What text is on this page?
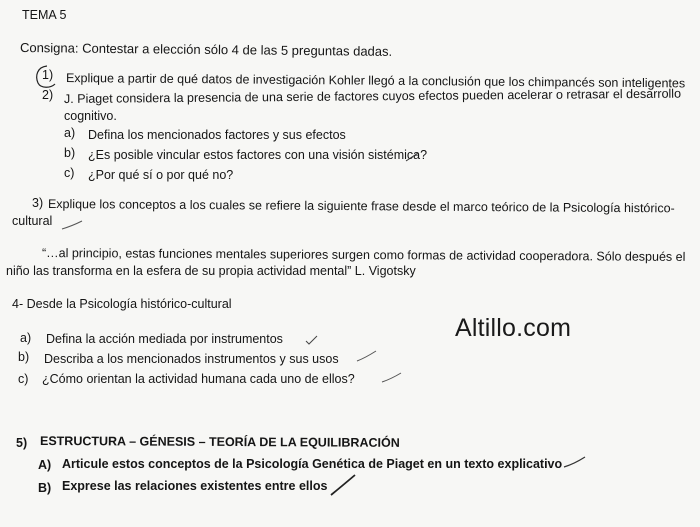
TEMA 5
Consigna: Contestar a elección sólo 4 de las 5 preguntas dadas.
1) Explique a partir de qué datos de investigación Kohler llegó a la conclusión que los chimpancés son inteligentes
2) J. Piaget considera la presencia de una serie de factores cuyos efectos pueden acelerar o retrasar el desarrollo
cognitivo.
a) Defina los mencionados factores y sus efectos
b) ¿Es posible vincular estos factores con una visión sistémica?
c) ¿Por qué sí o por qué no?
3) Explique los conceptos a los cuales se refiere la siguiente frase desde el marco teórico de la Psicología histórico-
cultural
“…al principio, estas funciones mentales superiores surgen como formas de actividad cooperadora. Sólo después el
niño las transforma en la esfera de su propia actividad mental” L. Vigotsky
4- Desde la Psicología histórico-cultural
a) Defina la acción mediada por instrumentos
b) Describa a los mencionados instrumentos y sus usos
c) ¿Cómo orientan la actividad humana cada uno de ellos?
Altillo.com
5) ESTRUCTURA – GÉNESIS – TEORÍA DE LA EQUILIBRACIÓN
A) Articule estos conceptos de la Psicología Genética de Piaget en un texto explicativo
B) Exprese las relaciones existentes entre ellos
